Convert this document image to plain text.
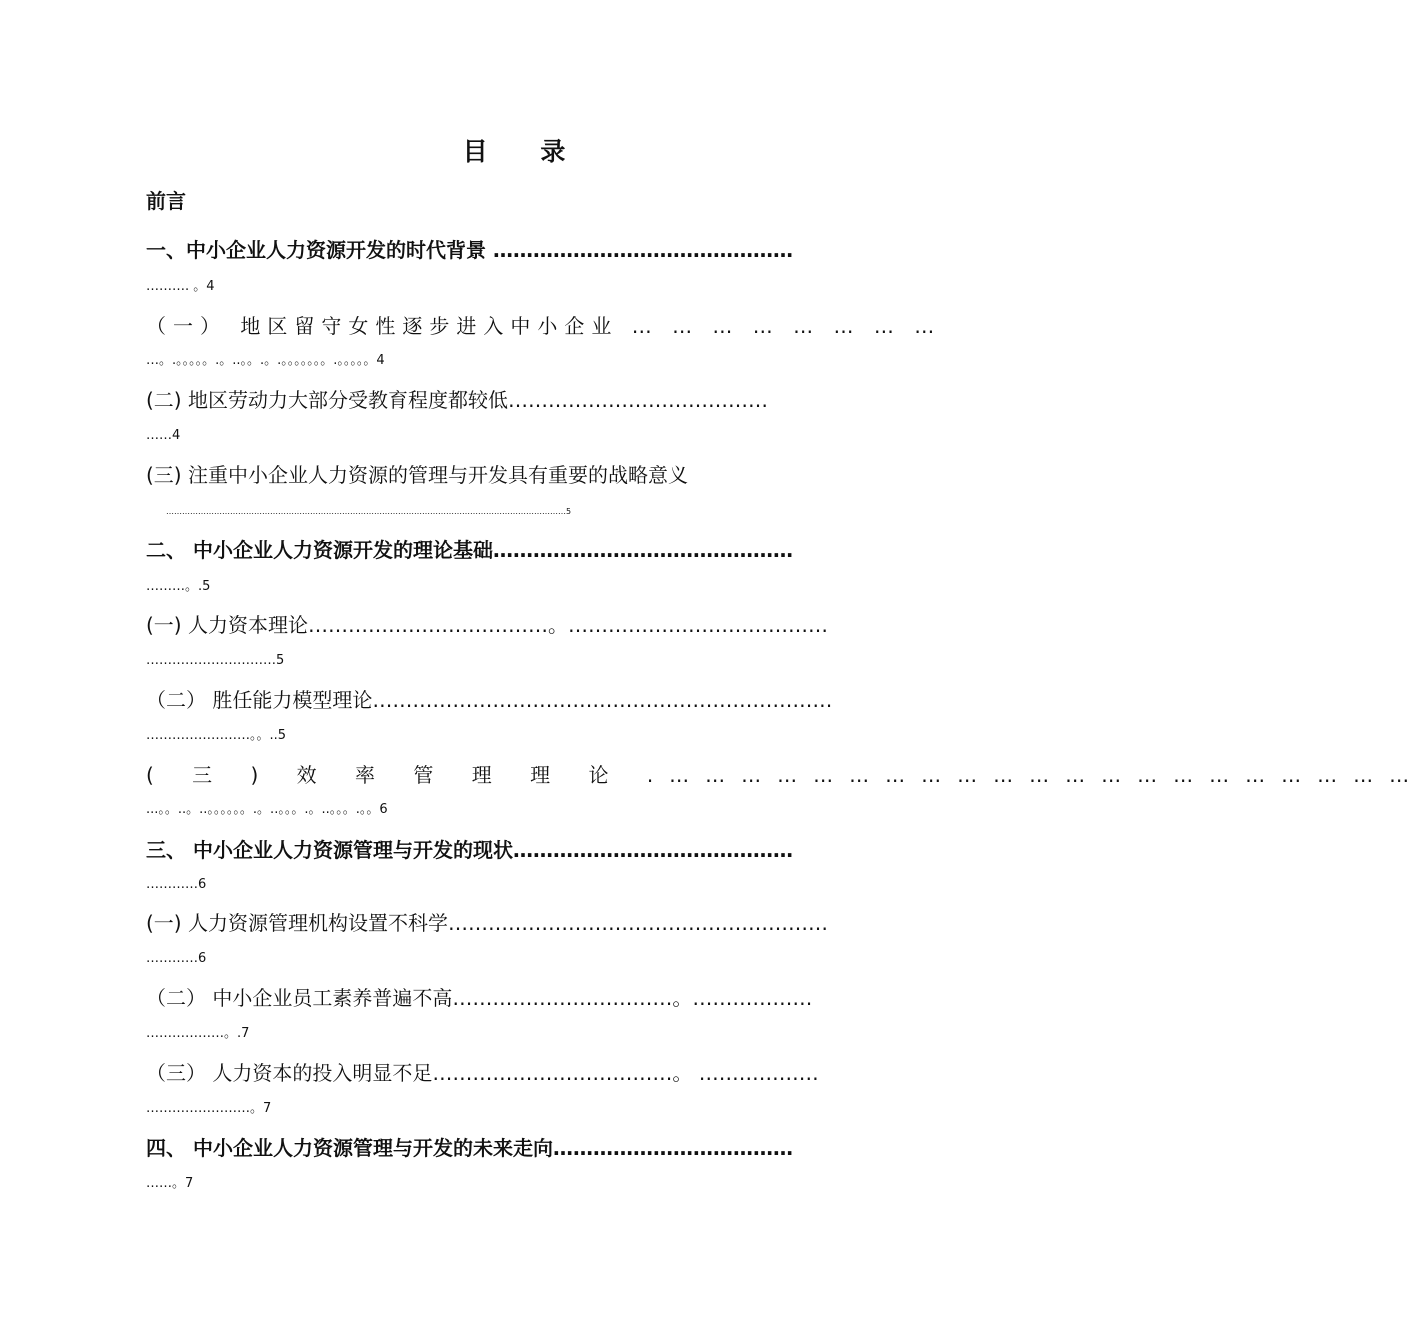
目 录
前言
一、中小企业人力资源开发的时代背景 ………………………………………
………. 。4
（一） 地区留守女性逐步进入中小企业 … … … … … … … …
…。.。。。。。.。..。。.。.。。。。。。。.。。。。。4
(二) 地区劳动力大部分受教育程度都较低…………………………………
……4
(三) 注重中小企业人力资源的管理与开发具有重要的战略意义
……………………………………………………………………………………………………………………………………5
二、 中小企业人力资源开发的理论基础………………………………………
………。.5
(一) 人力资本理论………………………………。…………………………………
…………………………5
（二） 胜任能力模型理论……………………………………………………………
……………………。。..5
( 三 ) 效 率 管 理 理 论 .………………………………………………………
...。。..。..。。。。。。.。..。。。.。..。。。.。。6
三、 中小企业人力资源管理与开发的现状……………………………………
…………6
(一) 人力资源管理机构设置不科学…………………………………………………
…………6
（二） 中小企业员工素养普遍不高……………………………。………………
………………。.7
（三） 人力资本的投入明显不足………………………………。 ………………
……………………。7
四、 中小企业人力资源管理与开发的未来走向………………………………
……。7
